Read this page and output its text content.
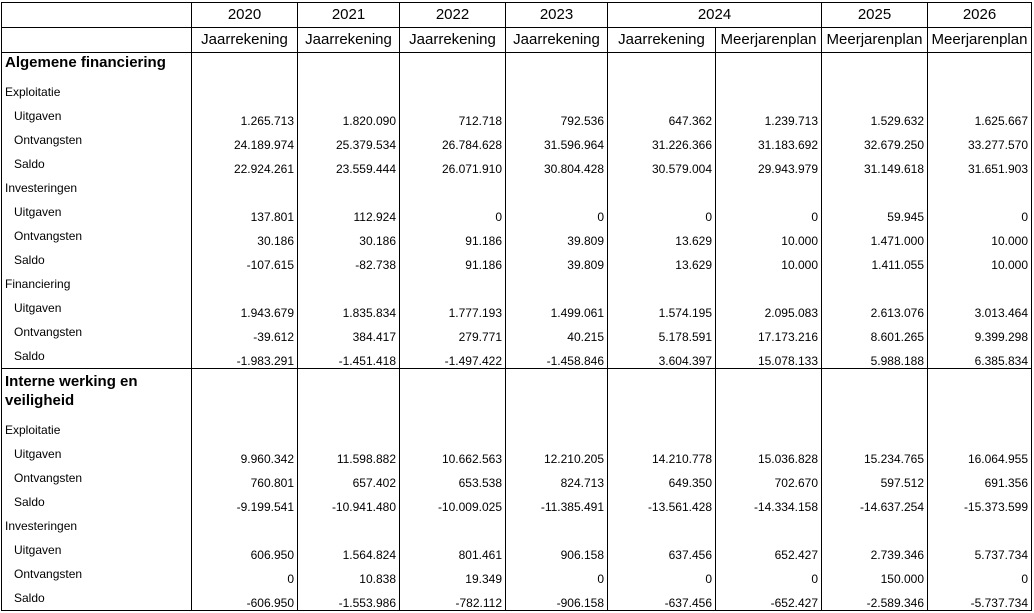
	2020	2021	2022	2023	2024		2025	2026
	Jaarrekening	Jaarrekening	Jaarrekening	Jaarrekening	Jaarrekening	Meerjarenplan	Meerjarenplan	Meerjarenplan
Algemene financiering								
Exploitatie								
Uitgaven	1.265.713	1.820.090	712.718	792.536	647.362	1.239.713	1.529.632	1.625.667
Ontvangsten	24.189.974	25.379.534	26.784.628	31.596.964	31.226.366	31.183.692	32.679.250	33.277.570
Saldo	22.924.261	23.559.444	26.071.910	30.804.428	30.579.004	29.943.979	31.149.618	31.651.903
Investeringen								
Uitgaven	137.801	112.924	0	0	0	0	59.945	0
Ontvangsten	30.186	30.186	91.186	39.809	13.629	10.000	1.471.000	10.000
Saldo	-107.615	-82.738	91.186	39.809	13.629	10.000	1.411.055	10.000
Financiering								
Uitgaven	1.943.679	1.835.834	1.777.193	1.499.061	1.574.195	2.095.083	2.613.076	3.013.464
Ontvangsten	-39.612	384.417	279.771	40.215	5.178.591	17.173.216	8.601.265	9.399.298
Saldo	-1.983.291	-1.451.418	-1.497.422	-1.458.846	3.604.397	15.078.133	5.988.188	6.385.834
Interne werking en veiligheid								
Exploitatie								
Uitgaven	9.960.342	11.598.882	10.662.563	12.210.205	14.210.778	15.036.828	15.234.765	16.064.955
Ontvangsten	760.801	657.402	653.538	824.713	649.350	702.670	597.512	691.356
Saldo	-9.199.541	-10.941.480	-10.009.025	-11.385.491	-13.561.428	-14.334.158	-14.637.254	-15.373.599
Investeringen								
Uitgaven	606.950	1.564.824	801.461	906.158	637.456	652.427	2.739.346	5.737.734
Ontvangsten	0	10.838	19.349	0	0	0	150.000	0
Saldo	-606.950	-1.553.986	-782.112	-906.158	-637.456	-652.427	-2.589.346	-5.737.734
